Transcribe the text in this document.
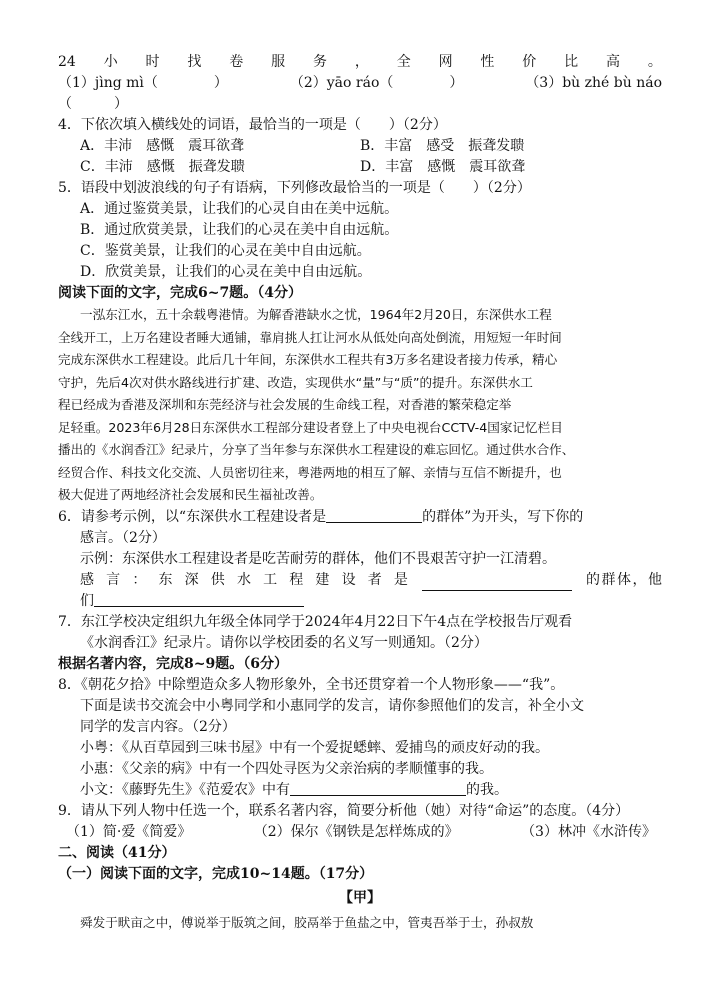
24 小 时 找 卷 服 务 ， 全 网 性 价 比 高 。
（1）jìng mì（	）	（2）yāo ráo（	）	（3）bù zhé bù náo
（　　　）
4．下依次填入横线处的词语，最恰当的一项是（　　）（2分）
A．丰沛　感慨　震耳欲聋	B．丰富　感受　振聋发聩
C．丰沛　感慨　振聋发聩	D．丰富　感慨　震耳欲聋
5．语段中划波浪线的句子有语病，下列修改最恰当的一项是（　　）（2分）
A．通过鉴赏美景，让我们的心灵自由在美中远航。
B．通过欣赏美景，让我们的心灵在美中自由远航。
C．鉴赏美景，让我们的心灵在美中自由远航。
D．欣赏美景，让我们的心灵在美中自由远航。
阅读下面的文字，完成6~7题。（4分）

一泓东江水，五十余载粤港情。为解香港缺水之忧，1964年2月20日，东深供水工程

全线开工，上万名建设者睡大通铺，靠肩挑人扛让河水从低处向高处倒流，用短短一年时间

完成东深供水工程建设。此后几十年间，东深供水工程共有3万多名建设者接力传承，精心

守护，先后4次对供水路线进行扩建、改造，实现供水“量”与“质”的提升。东深供水工

程已经成为香港及深圳和东莞经济与社会发展的生命线工程，对香港的繁荣稳定举

足轻重。2023年6月28日东深供水工程部分建设者登上了中央电视台CCTV-4国家记忆栏目

播出的《水润香江》纪录片，分享了当年参与东深供水工程建设的难忘回忆。通过供水合作、

经贸合作、科技文化交流、人员密切往来，粤港两地的相互了解、亲情与互信不断提升，也

极大促进了两地经济社会发展和民生福祉改善。

6．请参考示例，以“东深供水工程建设者是	的群体”为开头，写下你的
感言。（2分）
示例：东深供水工程建设者是吃苦耐劳的群体，他们不畏艰苦守护一江清碧。
感 言 ： 东 深 供 水 工 程 建 设 者 是	的 群 体 ， 他
们
7．东江学校决定组织九年级全体同学于2024年4月22日下午4点在学校报告厅观看
《水润香江》纪录片。请你以学校团委的名义写一则通知。（2分）
根据名著内容，完成8~9题。（6分）
8．《朝花夕拾》中除塑造众多人物形象外，全书还贯穿着一个人物形象——“我”。
下面是读书交流会中小粤同学和小惠同学的发言，请你参照他们的发言，补全小文
同学的发言内容。（2分）
小粤：《从百草园到三味书屋》中有一个爱捉蟋蟀、爱捕鸟的顽皮好动的我。
小惠：《父亲的病》中有一个四处寻医为父亲治病的孝顺懂事的我。
小文：《藤野先生》《范爱农》中有	的我。
9．请从下列人物中任选一个，联系名著内容，简要分析他（她）对待“命运”的态度。（4分）
（1）简·爱《简爱》	（2）保尔《钢铁是怎样炼成的》	（3）林冲《水浒传》
二、阅读（41分）
（一）阅读下面的文字，完成10~14题。（17分）
【甲】
舜发于畎亩之中，傅说举于版筑之间，胶鬲举于鱼盐之中，管夷吾举于士，孙叔敖
